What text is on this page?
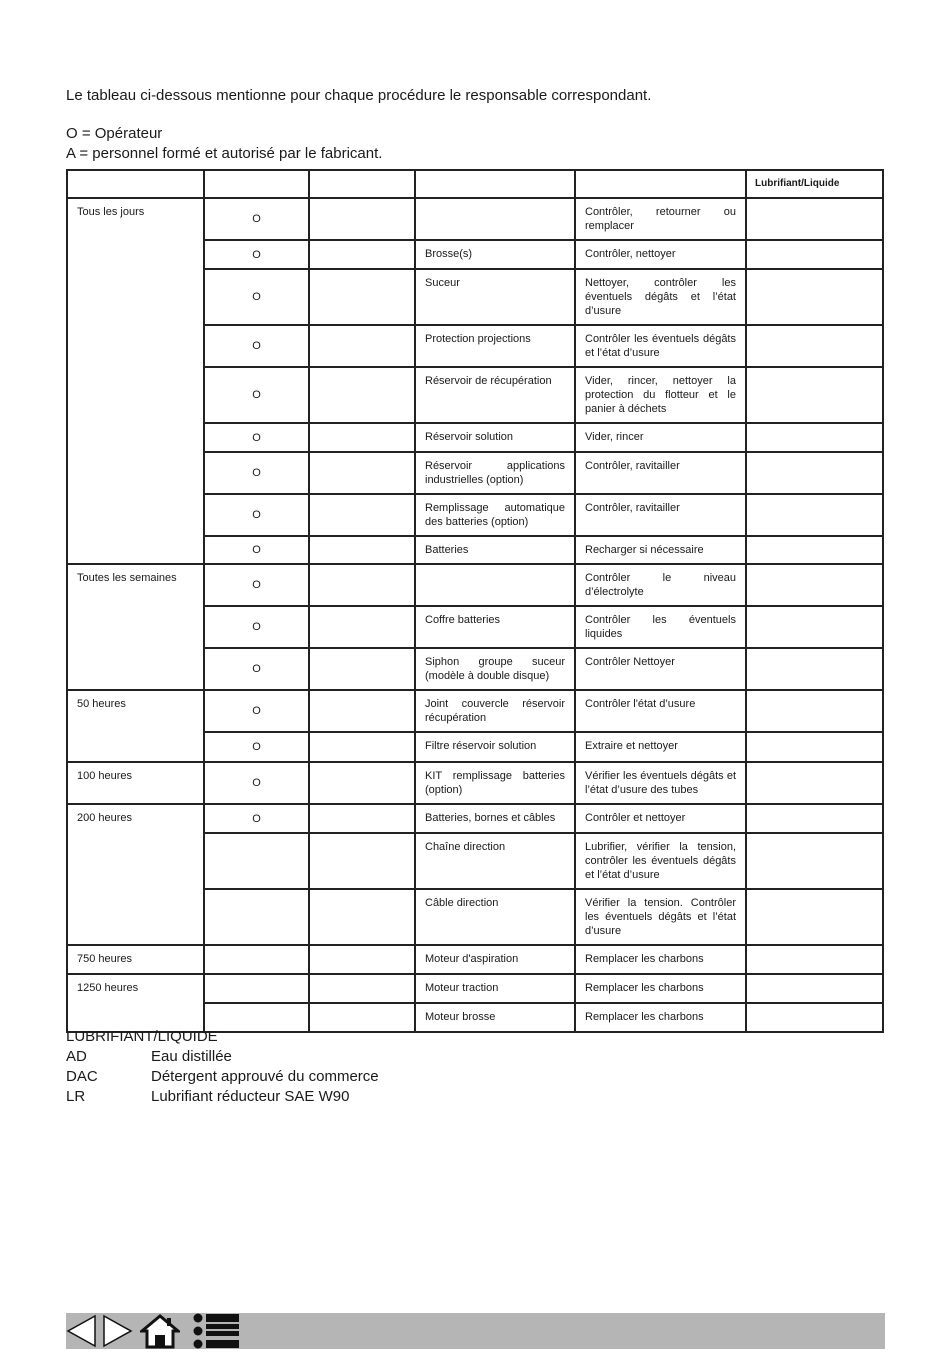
Le tableau ci-dessous mentionne pour chaque procédure le responsable correspondant.
O = Opérateur
A = personnel formé et autorisé par le fabricant.
					Lubrifiant/Liquide
Tous les jours	O			Contrôler, retourner ou remplacer	
	O		Brosse(s)	Contrôler, nettoyer	
	O		Suceur	Nettoyer, contrôler les éventuels dégâts et l’état d’usure	
	O		Protection projections	Contrôler les éventuels dégâts et l’état d’usure	
	O		Réservoir de récupération	Vider, rincer, nettoyer la protection du flotteur et le panier à déchets	
	O		Réservoir solution	Vider, rincer	
	O		Réservoir applications industrielles (option)	Contrôler, ravitailler	
	O		Remplissage automatique des batteries (option)	Contrôler, ravitailler	
	O		Batteries	Recharger si nécessaire	
Toutes les semaines	O			Contrôler le niveau d’électrolyte	
	O		Coffre batteries	Contrôler les éventuels liquides	
	O		Siphon groupe suceur (modèle à double disque)	Contrôler Nettoyer	
50 heures	O		Joint couvercle réservoir récupération	Contrôler l'état d’usure	
	O		Filtre réservoir solution	Extraire et nettoyer	
100 heures	O		KIT remplissage batteries (option)	Vérifier les éventuels dégâts et l’état d’usure des tubes	
200 heures	O		Batteries, bornes et câbles	Contrôler et nettoyer	
			Chaîne direction	Lubrifier, vérifier la tension, contrôler les éventuels dégâts et l’état d’usure	
			Câble direction	Vérifier la tension. Contrôler les éventuels dégâts et l’état d’usure	
750 heures			Moteur d'aspiration	Remplacer les charbons	
1250 heures			Moteur traction	Remplacer les charbons	
			Moteur brosse	Remplacer les charbons	
LUBRIFIANT/LIQUIDE
AD	Eau distillée
DAC	Détergent approuvé du commerce
LR	Lubrifiant réducteur SAE W90
